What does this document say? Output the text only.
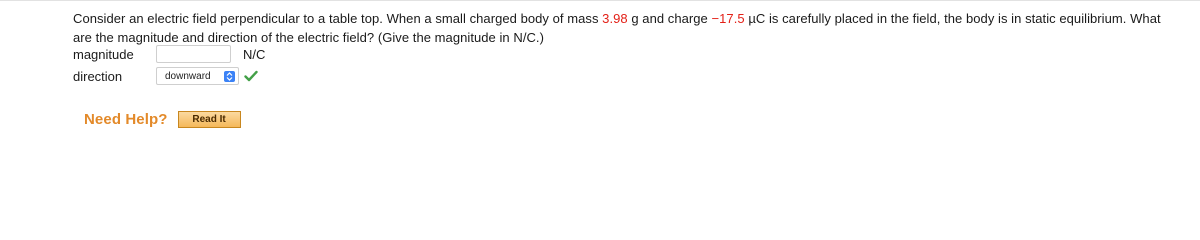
Consider an electric field perpendicular to a table top. When a small charged body of mass 3.98 g and charge −17.5 µC is carefully placed in the field, the body is in static equilibrium. What are the magnitude and direction of the electric field? (Give the magnitude in N/C.)
magnitude	N/C
direction	downward
Need Help?	Read It
